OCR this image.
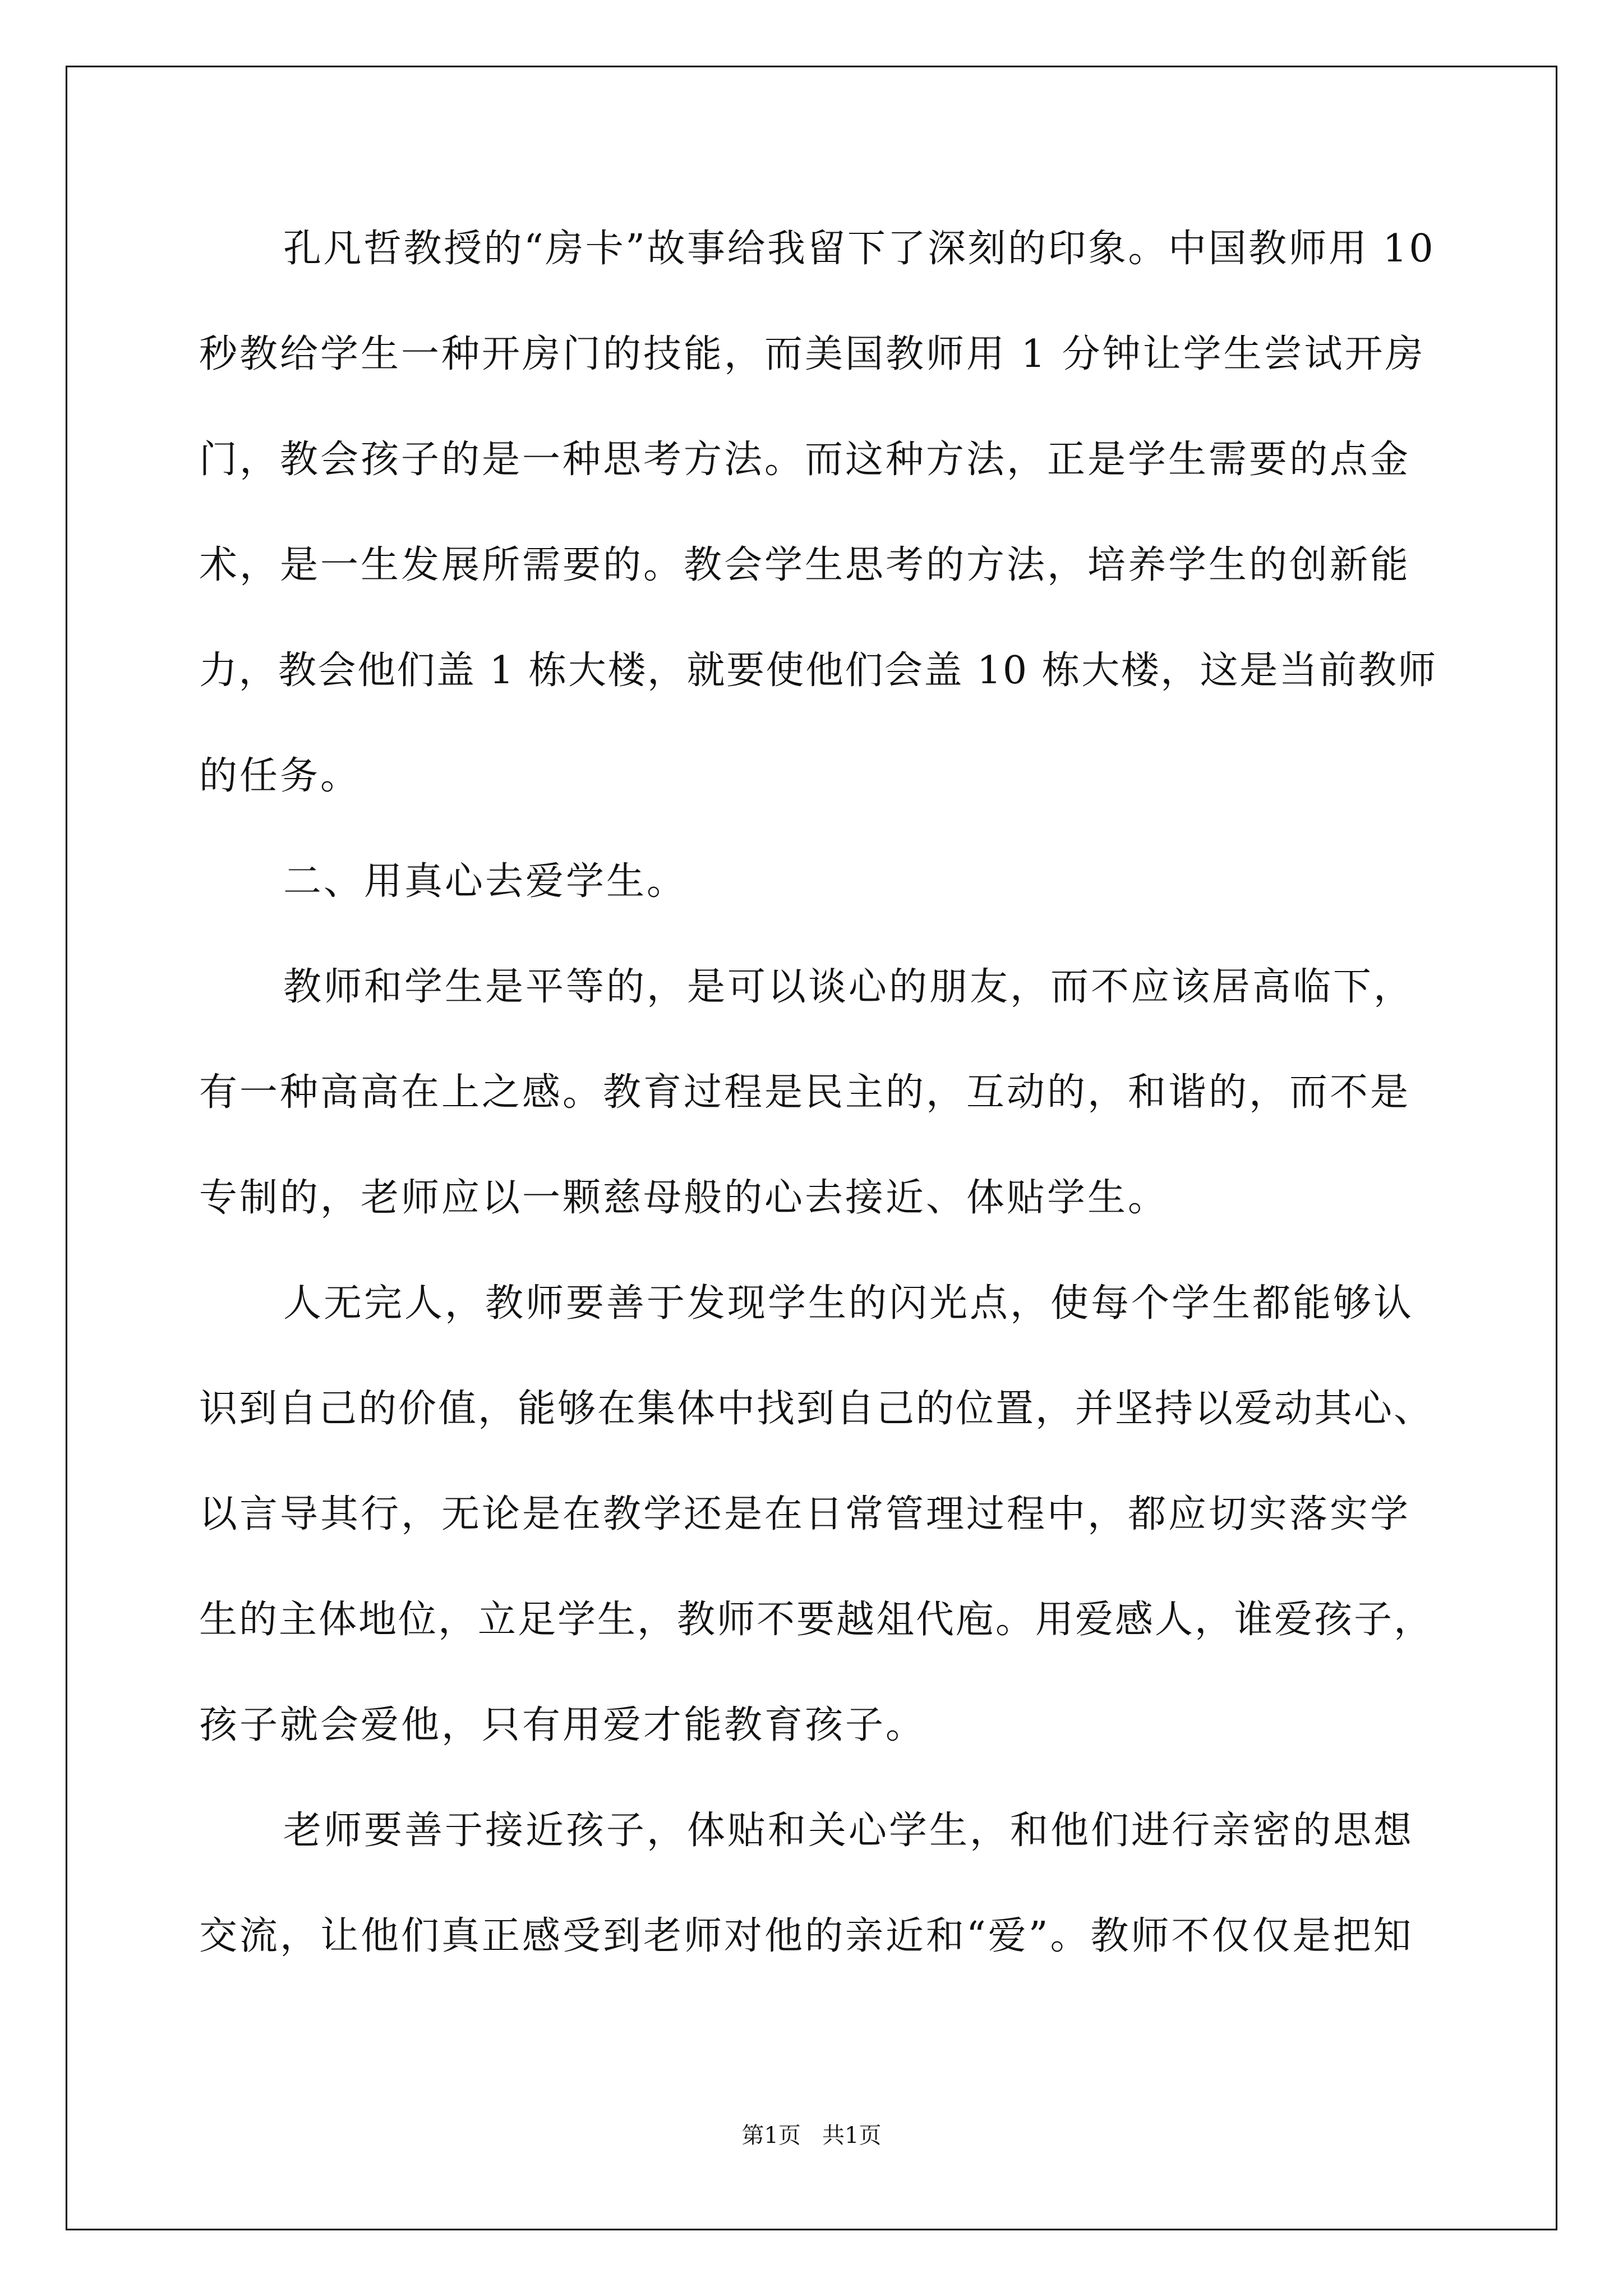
孔凡哲教授的“房卡”故事给我留下了深刻的印象。中国教师用 10
秒教给学生一种开房门的技能，而美国教师用 1 分钟让学生尝试开房
门，教会孩子的是一种思考方法。而这种方法，正是学生需要的点金
术，是一生发展所需要的。教会学生思考的方法，培养学生的创新能
力，教会他们盖 1 栋大楼，就要使他们会盖 10 栋大楼，这是当前教师
的任务。
二、用真心去爱学生。
教师和学生是平等的，是可以谈心的朋友，而不应该居高临下，
有一种高高在上之感。教育过程是民主的，互动的，和谐的，而不是
专制的，老师应以一颗慈母般的心去接近、体贴学生。
人无完人，教师要善于发现学生的闪光点，使每个学生都能够认
识到自己的价值，能够在集体中找到自己的位置，并坚持以爱动其心、
以言导其行，无论是在教学还是在日常管理过程中，都应切实落实学
生的主体地位，立足学生，教师不要越俎代庖。用爱感人，谁爱孩子，
孩子就会爱他，只有用爱才能教育孩子。
老师要善于接近孩子，体贴和关心学生，和他们进行亲密的思想
交流，让他们真正感受到老师对他的亲近和“爱”。教师不仅仅是把知
第1页   共1页
